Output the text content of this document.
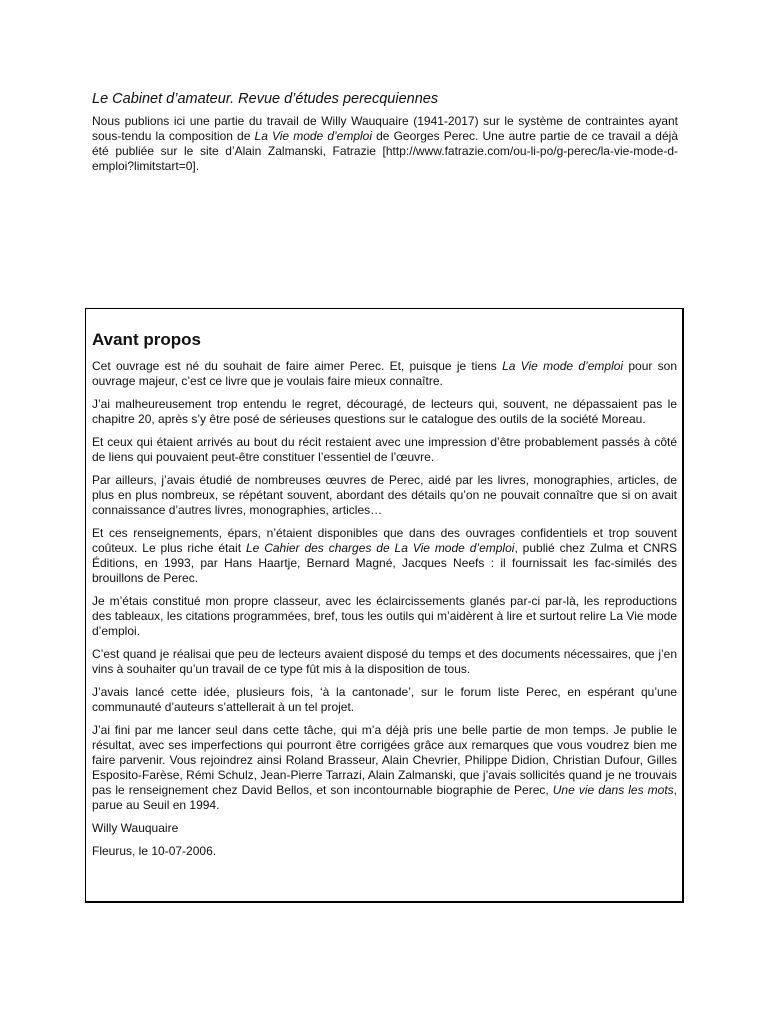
Le Cabinet d’amateur. Revue d’études perecquiennes

Nous publions ici une partie du travail de Willy Wauquaire (1941-2017) sur le système de contraintes ayant sous-tendu la composition de La Vie mode d’emploi de Georges Perec. Une autre partie de ce travail a déjà été publiée sur le site d’Alain Zalmanski, Fatrazie [http://www.fatrazie.com/ou-li-po/g-perec/la-vie-mode-d-emploi?limitstart=0].

Avant propos

Cet ouvrage est né du souhait de faire aimer Perec. Et, puisque je tiens La Vie mode d’emploi pour son ouvrage majeur, c’est ce livre que je voulais faire mieux connaître.

J’ai malheureusement trop entendu le regret, découragé, de lecteurs qui, souvent, ne dépassaient pas le chapitre 20, après s’y être posé de sérieuses questions sur le catalogue des outils de la société Moreau.

Et ceux qui étaient arrivés au bout du récit restaient avec une impression d’être probablement passés à côté de liens qui pouvaient peut-être constituer l’essentiel de l’œuvre.

Par ailleurs, j’avais étudié de nombreuses œuvres de Perec, aidé par les livres, monographies, articles, de plus en plus nombreux, se répétant souvent, abordant des détails qu’on ne pouvait connaître que si on avait connaissance d’autres livres, monographies, articles…

Et ces renseignements, épars, n’étaient disponibles que dans des ouvrages confidentiels et trop souvent coûteux. Le plus riche était Le Cahier des charges de La Vie mode d’emploi, publié chez Zulma et CNRS Éditions, en 1993, par Hans Haartje, Bernard Magné, Jacques Neefs : il fournissait les fac-similés des brouillons de Perec.

Je m’étais constitué mon propre classeur, avec les éclaircissements glanés par-ci par-là, les reproductions des tableaux, les citations programmées, bref, tous les outils qui m’aidèrent à lire et surtout relire La Vie mode d’emploi.

C’est quand je réalisai que peu de lecteurs avaient disposé du temps et des documents nécessaires, que j’en vins à souhaiter qu’un travail de ce type fût mis à la disposition de tous.

J’avais lancé cette idée, plusieurs fois, ‘à la cantonade’, sur le forum liste Perec, en espérant qu’une communauté d’auteurs s’attellerait à un tel projet.

J’ai fini par me lancer seul dans cette tâche, qui m’a déjà pris une belle partie de mon temps. Je publie le résultat, avec ses imperfections qui pourront être corrigées grâce aux remarques que vous voudrez bien me faire parvenir. Vous rejoindrez ainsi Roland Brasseur, Alain Chevrier, Philippe Didion, Christian Dufour, Gilles Esposito-Farèse, Rémi Schulz, Jean-Pierre Tarrazi, Alain Zalmanski, que j’avais sollicités quand je ne trouvais pas le renseignement chez David Bellos, et son incontournable biographie de Perec, Une vie dans les mots, parue au Seuil en 1994.

Willy Wauquaire

Fleurus, le 10-07-2006.
